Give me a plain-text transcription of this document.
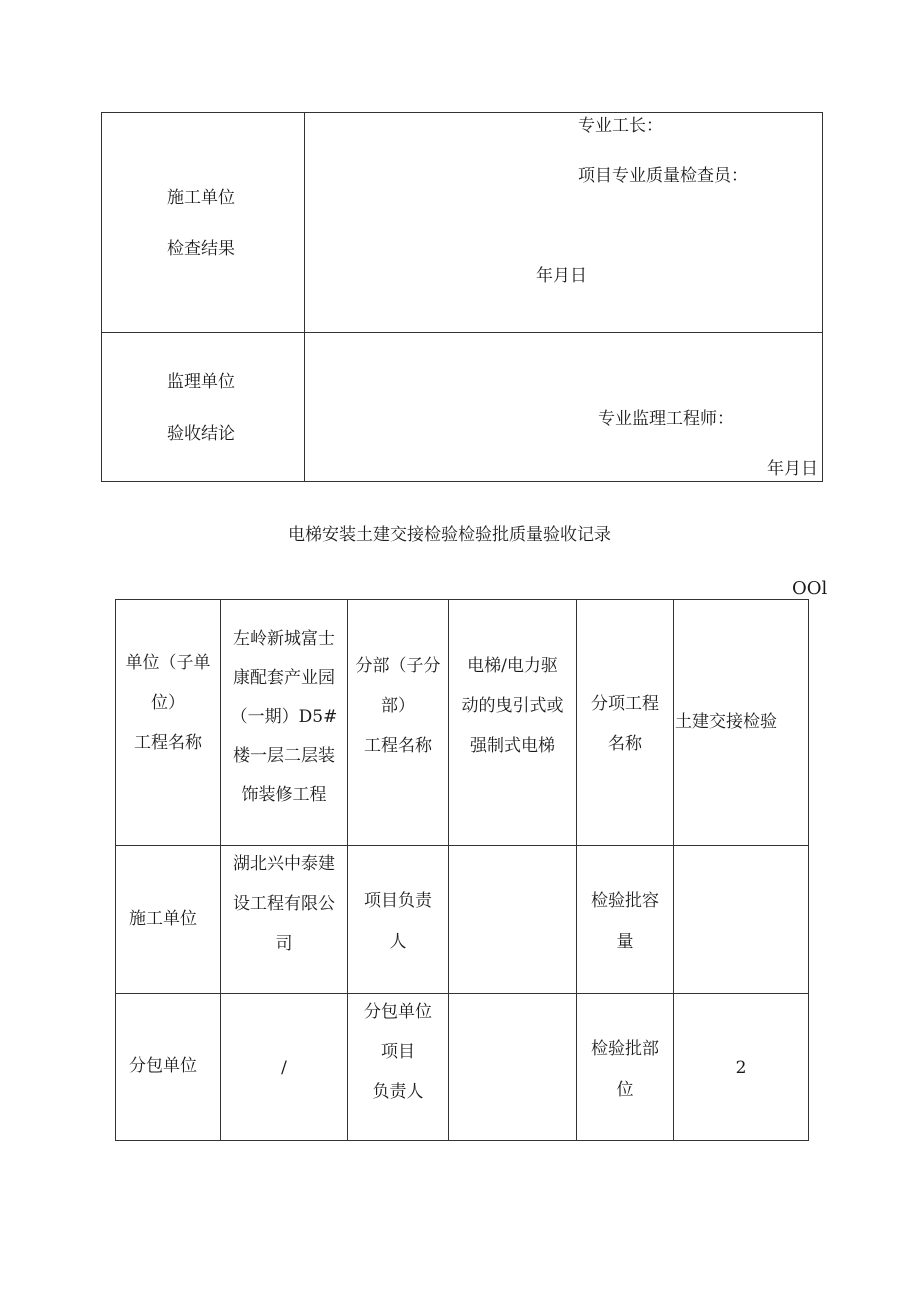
施工单位
检查结果
专业工长：
项目专业质量检查员：
年月日
监理单位
验收结论
专业监理工程师：
年月日
电梯安装土建交接检验检验批质量验收记录
OOl
单位（子单
位）
工程名称
左岭新城富士
康配套产业园
（一期）D5#
楼一层二层装
饰装修工程
分部（子分
部）
工程名称
电梯/电力驱
动的曳引式或
强制式电梯
分项工程
名称
土建交接检验
施工单位
湖北兴中泰建
设工程有限公
司
项目负责
人
检验批容
量
分包单位	/
分包单位
项目
负责人
检验批部
位
2
